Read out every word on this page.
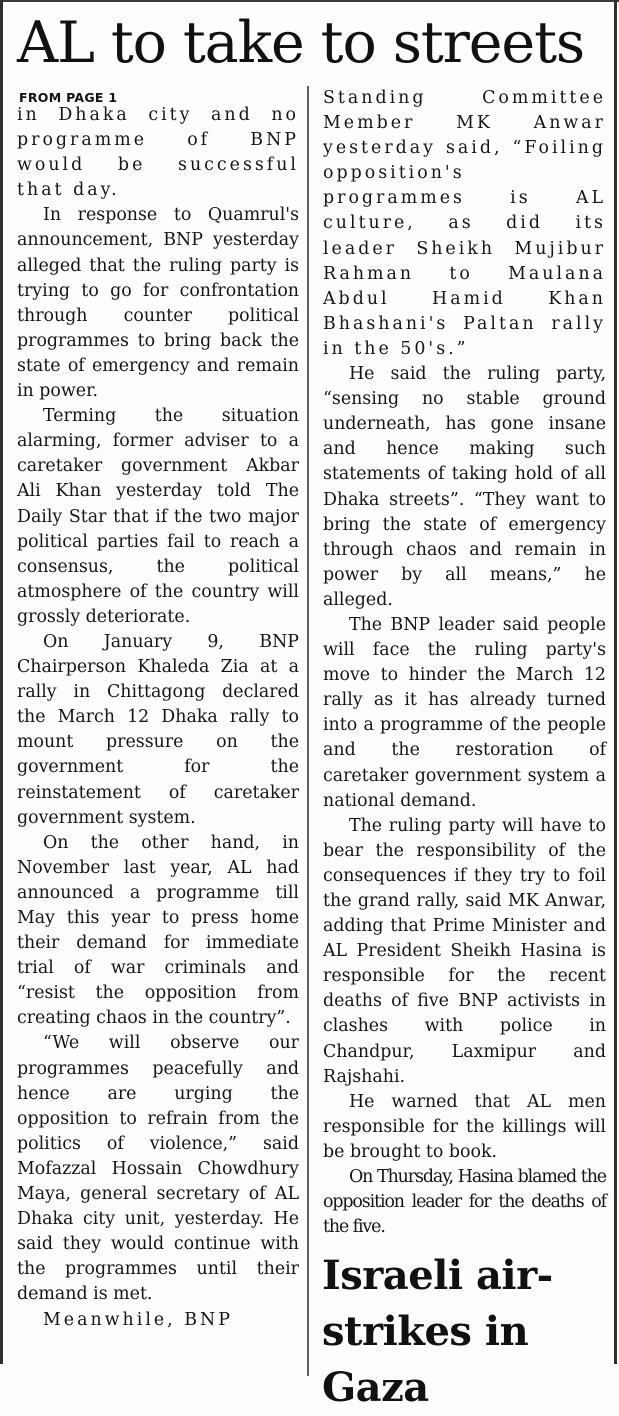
AL to take to streets
FROM PAGE 1

in Dhaka city and no programme of BNP would be successful that day.

In response to Quamrul's announcement, BNP yesterday alleged that the ruling party is trying to go for confrontation through counter political programmes to bring back the state of emergency and remain in power.

Terming the situation alarming, former adviser to a caretaker government Akbar Ali Khan yesterday told The Daily Star that if the two major political parties fail to reach a consensus, the political atmosphere of the country will grossly deteriorate.

On January 9, BNP Chairperson Khaleda Zia at a rally in Chittagong declared the March 12 Dhaka rally to mount pressure on the government for the reinstatement of caretaker government system.

On the other hand, in November last year, AL had announced a programme till May this year to press home their demand for immediate trial of war criminals and “resist the opposition from creating chaos in the country”.

“We will observe our programmes peacefully and hence are urging the opposition to refrain from the politics of violence,” said Mofazzal Hossain Chowdhury Maya, general secretary of AL Dhaka city unit, yesterday. He said they would continue with the programmes until their demand is met.

Meanwhile, BNP

Standing Committee Member MK Anwar yesterday said, “Foiling opposition's programmes is AL culture, as did its leader Sheikh Mujibur Rahman to Maulana Abdul Hamid Khan Bhashani's Paltan rally in the 50's.”

He said the ruling party, “sensing no stable ground underneath, has gone insane and hence making such statements of taking hold of all Dhaka streets”. “They want to bring the state of emergency through chaos and remain in power by all means,” he alleged.

The BNP leader said people will face the ruling party's move to hinder the March 12 rally as it has already turned into a programme of the people and the restoration of caretaker government system a national demand.

The ruling party will have to bear the responsibility of the consequences if they try to foil the grand rally, said MK Anwar, adding that Prime Minister and AL President Sheikh Hasina is responsible for the recent deaths of five BNP activists in clashes with police in Chandpur, Laxmipur and Rajshahi.

He warned that AL men responsible for the killings will be brought to book.

On Thursday, Hasina blamed the opposition leader for the deaths of the five.

Israeli air-
strikes in
Gaza
